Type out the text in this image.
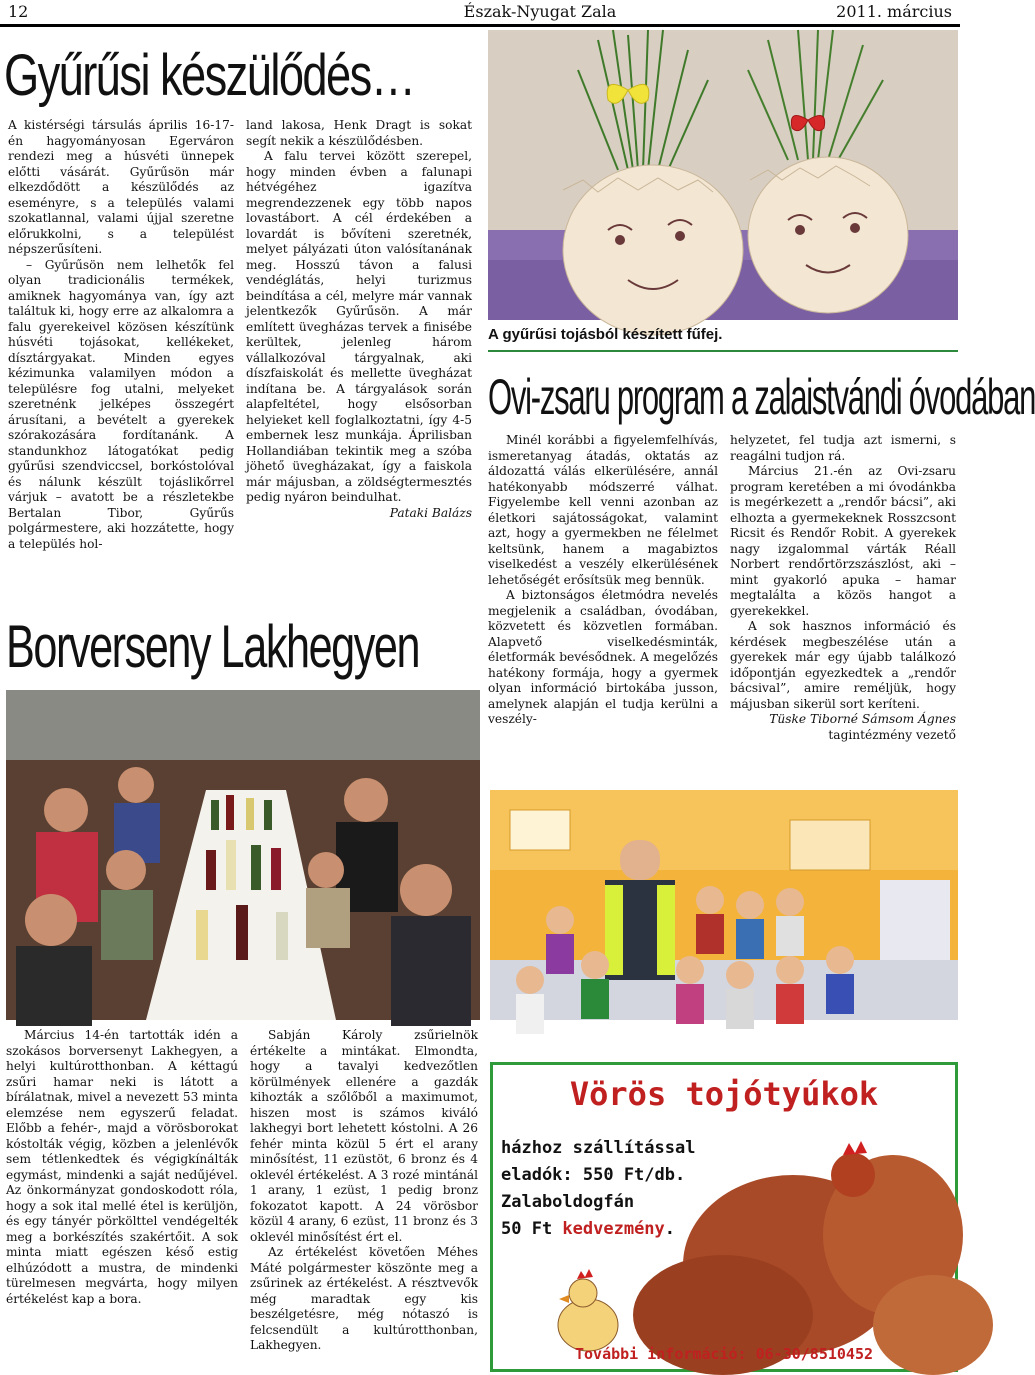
12	Észak-Nyugat Zala	2011. március
Gyűrűsi készülődés…

A kistérségi társulás április 16-17-én hagyományosan Egerváron rendezi meg a húsvéti ünnepek előtti vásárát. Gyűrűsön már elkezdődött a készülődés az eseményre, s a település valami szokatlannal, valami újjal szeretne előrukkolni, s a települést népszerűsíteni.

– Gyűrűsön nem lelhetők fel olyan tradicionális termékek, amiknek hagyománya van, így azt találtuk ki, hogy erre az alkalomra a falu gyerekeivel közösen készítünk húsvéti tojásokat, kellékeket, dísztárgyakat. Minden egyes kézimunka valamilyen módon a településre fog utalni, melyeket szeretnénk jelképes összegért árusítani, a bevételt a gyerekek szórakozására fordítanánk. A standunkhoz látogatókat pedig gyűrűsi szendviccsel, borkóstolóval és nálunk készült tojáslikőrrel várjuk – avatott be a részletekbe Bertalan Tibor, Gyűrűs polgármestere, aki hozzátette, hogy a település hol-

land lakosa, Henk Dragt is sokat segít nekik a készülődésben.

A falu tervei között szerepel, hogy minden évben a falunapi hétvégéhez igazítva megrendezzenek egy több napos lovastábort. A cél érdekében a lovardát is bővíteni szeretnék, melyet pályázati úton valósítanának meg. Hosszú távon a falusi vendéglátás, helyi turizmus beindítása a cél, melyre már vannak jelentkezők Gyűrűsön. A már említett üvegházas tervek a finisébe kerültek, jelenleg három vállalkozóval tárgyalnak, aki díszfaiskolát és mellette üvegházat indítana be. A tárgyalások során alapfeltétel, hogy elsősorban helyieket kell foglalkoztatni, így 4-5 embernek lesz munkája. Áprilisban Hollandiában tekintik meg a szóba jöhető üvegházakat, így a faiskola már májusban, a zöldségtermesztés pedig nyáron beindulhat.

Pataki Balázs

A gyűrűsi tojásból készített fűfej.
Ovi-zsaru program a zalaistvándi óvodában

Minél korábbi a figyelemfelhívás, ismeretanyag átadás, oktatás az áldozattá válás elkerülésére, annál hatékonyabb módszerré válhat. Figyelembe kell venni azonban az életkori sajátosságokat, valamint azt, hogy a gyermekben ne félelmet keltsünk, hanem a magabiztos viselkedést a veszély elkerülésének lehetőségét erősítsük meg bennük.

A biztonságos életmódra nevelés megjelenik a családban, óvodában, közvetett és közvetlen formában. Alapvető viselkedésminták, életformák bevésődnek. A megelőzés hatékony formája, hogy a gyermek olyan információ birtokába jusson, amelynek alapján el tudja kerülni a veszély-

helyzetet, fel tudja azt ismerni, s reagálni tudjon rá.

Március 21.-én az Ovi-zsaru program keretében a mi óvodánkba is megérkezett a „rendőr bácsi”, aki elhozta a gyermekeknek Rosszcsont Ricsit és Rendőr Robit. A gyerekek nagy izgalommal várták Réall Norbert rendőrtörzszászlóst, aki – mint gyakorló apuka – hamar megtalálta a közös hangot a gyerekekkel.

A sok hasznos információ és kérdések megbeszélése után a gyerekek már egy újabb találkozó időpontján egyezkedtek a „rendőr bácsival”, amire reméljük, hogy májusban sikerül sort keríteni.

Tüske Tiborné Sámsom Ágnes

tagintézmény vezető

Borverseny Lakhegyen

Március 14-én tartották idén a szokásos borversenyt Lakhegyen, a helyi kultúrotthonban. A kéttagú zsűri hamar neki is látott a bírálatnak, mivel a nevezett 53 minta elemzése nem egyszerű feladat. Előbb a fehér-, majd a vörösborokat kóstolták végig, közben a jelenlévők sem tétlenkedtek és végigkínálták egymást, mindenki a saját nedűjével. Az önkormányzat gondoskodott róla, hogy a sok ital mellé étel is kerüljön, és egy tányér pörkölttel vendégelték meg a borkészítés szakértőit. A sok minta miatt egészen késő estig elhúzódott a mustra, de mindenki türelmesen megvárta, hogy milyen értékelést kap a bora.

Sabján Károly zsűrielnök értékelte a mintákat. Elmondta, hogy a tavalyi kedvezőtlen körülmények ellenére a gazdák kihozták a szőlőből a maximumot, hiszen most is számos kiváló lakhegyi bort lehetett kóstolni. A 26 fehér minta közül 5 ért el arany minősítést, 11 ezüstöt, 6 bronz és 4 oklevél értékelést. A 3 rozé mintánál 1 arany, 1 ezüst, 1 pedig bronz fokozatot kapott. A 24 vörösbor közül 4 arany, 6 ezüst, 11 bronz és 3 oklevél minősítést ért el.

Az értékelést követően Méhes Máté polgármester köszönte meg a zsűrinek az értékelést. A résztvevők még maradtak egy kis beszélgetésre, még nótaszó is felcsendült a kultúrotthonban, Lakhegyen.

Vörös tojótyúkok
házhoz szállítással
eladók: 550 Ft/db.
Zalaboldogfán
50 Ft kedvezmény.
További információ: 06-30/8510452
